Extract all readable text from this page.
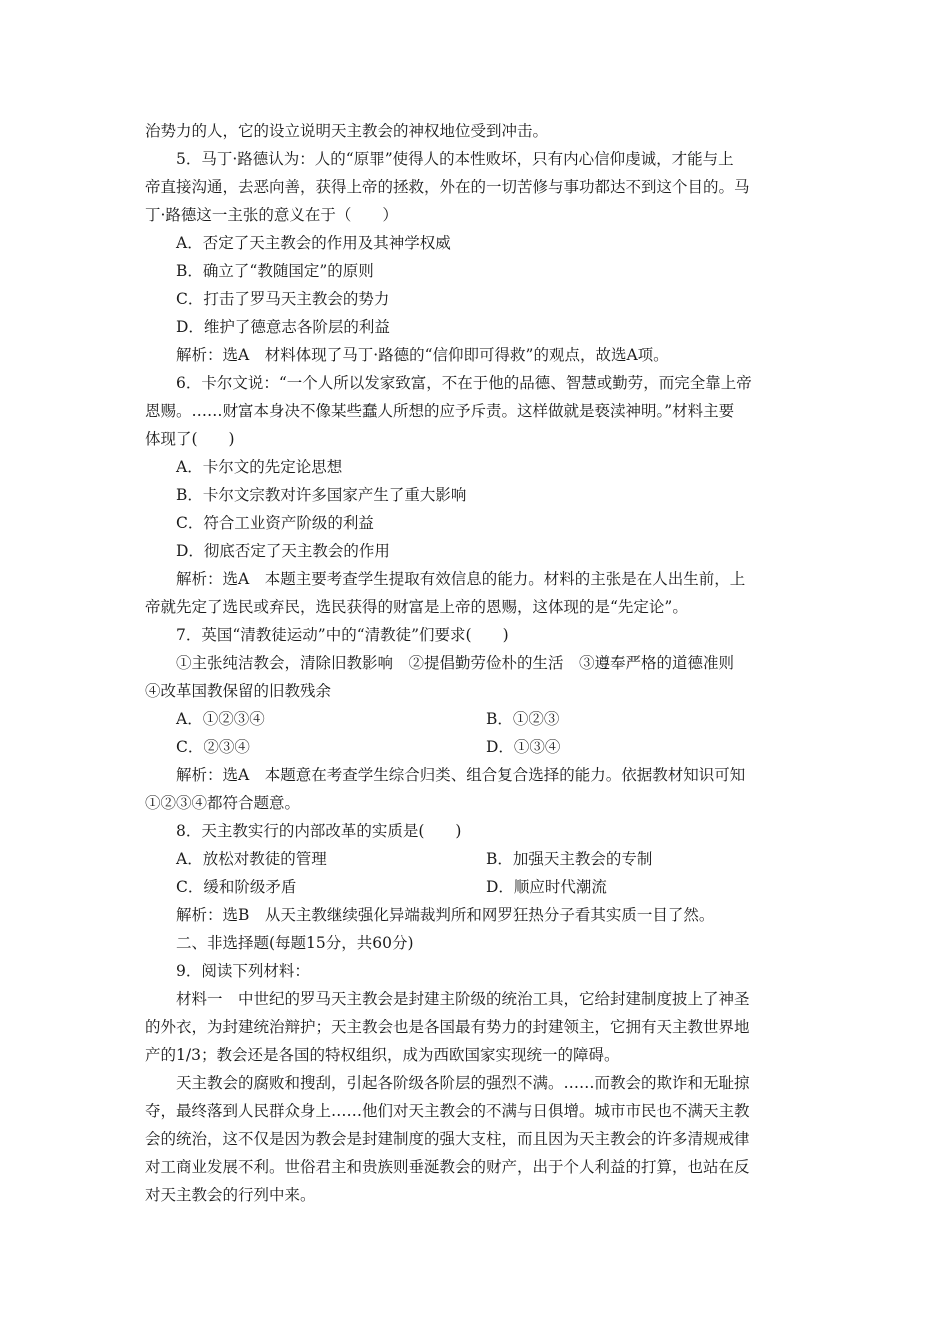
治势力的人，它的设立说明天主教会的神权地位受到冲击。
5．马丁·路德认为：人的“原罪”使得人的本性败坏，只有内心信仰虔诚，才能与上
帝直接沟通，去恶向善，获得上帝的拯救，外在的一切苦修与事功都达不到这个目的。马
丁·路德这一主张的意义在于（　　）
A．否定了天主教会的作用及其神学权威
B．确立了“教随国定”的原则
C．打击了罗马天主教会的势力
D．维护了德意志各阶层的利益
解析：选A　材料体现了马丁·路德的“信仰即可得救”的观点，故选A项。
6．卡尔文说：“一个人所以发家致富，不在于他的品德、智慧或勤劳，而完全靠上帝
恩赐。……财富本身决不像某些蠢人所想的应予斥责。这样做就是亵渎神明。”材料主要
体现了(　　)
A．卡尔文的先定论思想
B．卡尔文宗教对许多国家产生了重大影响
C．符合工业资产阶级的利益
D．彻底否定了天主教会的作用
解析：选A　本题主要考查学生提取有效信息的能力。材料的主张是在人出生前，上
帝就先定了选民或弃民，选民获得的财富是上帝的恩赐，这体现的是“先定论”。
7．英国“清教徒运动”中的“清教徒”们要求(　　)
①主张纯洁教会，清除旧教影响　②提倡勤劳俭朴的生活　③遵奉严格的道德准则
④改革国教保留的旧教残余
A．①②③④	B．①②③
C．②③④	D．①③④
解析：选A　本题意在考查学生综合归类、组合复合选择的能力。依据教材知识可知
①②③④都符合题意。
8．天主教实行的内部改革的实质是(　　)
A．放松对教徒的管理	B．加强天主教会的专制
C．缓和阶级矛盾	D．顺应时代潮流
解析：选B　从天主教继续强化异端裁判所和网罗狂热分子看其实质一目了然。
二、非选择题(每题15分，共60分)
9．阅读下列材料：
材料一　中世纪的罗马天主教会是封建主阶级的统治工具，它给封建制度披上了神圣
的外衣，为封建统治辩护；天主教会也是各国最有势力的封建领主，它拥有天主教世界地
产的1/3；教会还是各国的特权组织，成为西欧国家实现统一的障碍。
天主教会的腐败和搜刮，引起各阶级各阶层的强烈不满。……而教会的欺诈和无耻掠
夺，最终落到人民群众身上……他们对天主教会的不满与日俱增。城市市民也不满天主教
会的统治，这不仅是因为教会是封建制度的强大支柱，而且因为天主教会的许多清规戒律
对工商业发展不利。世俗君主和贵族则垂涎教会的财产，出于个人利益的打算，也站在反
对天主教会的行列中来。
